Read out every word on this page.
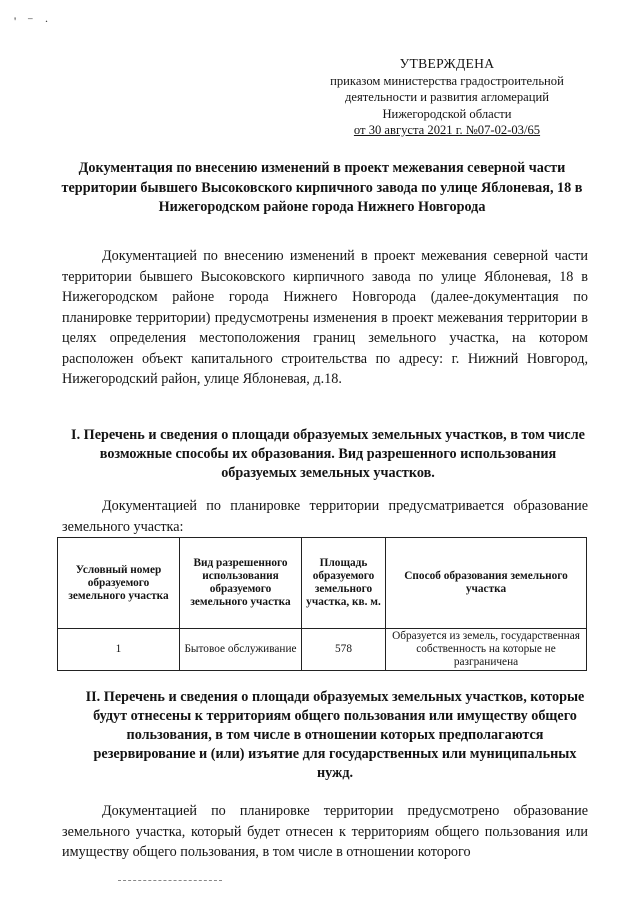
' ⁻ ·
УТВЕРЖДЕНА
приказом министерства градостроительной
деятельности и развития агломераций
Нижегородской области
от 30 августа 2021 г. №07-02-03/65
Документация по внесению изменений в проект межевания северной части территории бывшего Высоковского кирпичного завода по улице Яблоневая, 18 в Нижегородском районе города Нижнего Новгорода

Документацией по внесению изменений в проект межевания северной части территории бывшего Высоковского кирпичного завода по улице Яблоневая, 18 в Нижегородском районе города Нижнего Новгорода (далее-документация по планировке территории) предусмотрены изменения в проект межевания территории в целях определения местоположения границ земельного участка, на котором расположен объект капитального строительства по адресу: г. Нижний Новгород, Нижегородский район, улице Яблоневая, д.18.

I. Перечень и сведения о площади образуемых земельных участков, в том числе возможные способы их образования. Вид разрешенного использования образуемых земельных участков.

Документацией по планировке территории предусматривается образование земельного участка:

Условный номер образуемого земельного участка	Вид разрешенного использования образуемого земельного участка	Площадь образуемого земельного участка, кв. м.	Способ образования земельного участка
1	Бытовое обслуживание	578	Образуется из земель, государственная собственность на которые не разграничена
II. Перечень и сведения о площади образуемых земельных участков, которые будут отнесены к территориям общего пользования или имуществу общего пользования, в том числе в отношении которых предполагаются резервирование и (или) изъятие для государственных или муниципальных нужд.

Документацией по планировке территории предусмотрено образование земельного участка, который будет отнесен к территориям общего пользования или имуществу общего пользования, в том числе в отношении которого
